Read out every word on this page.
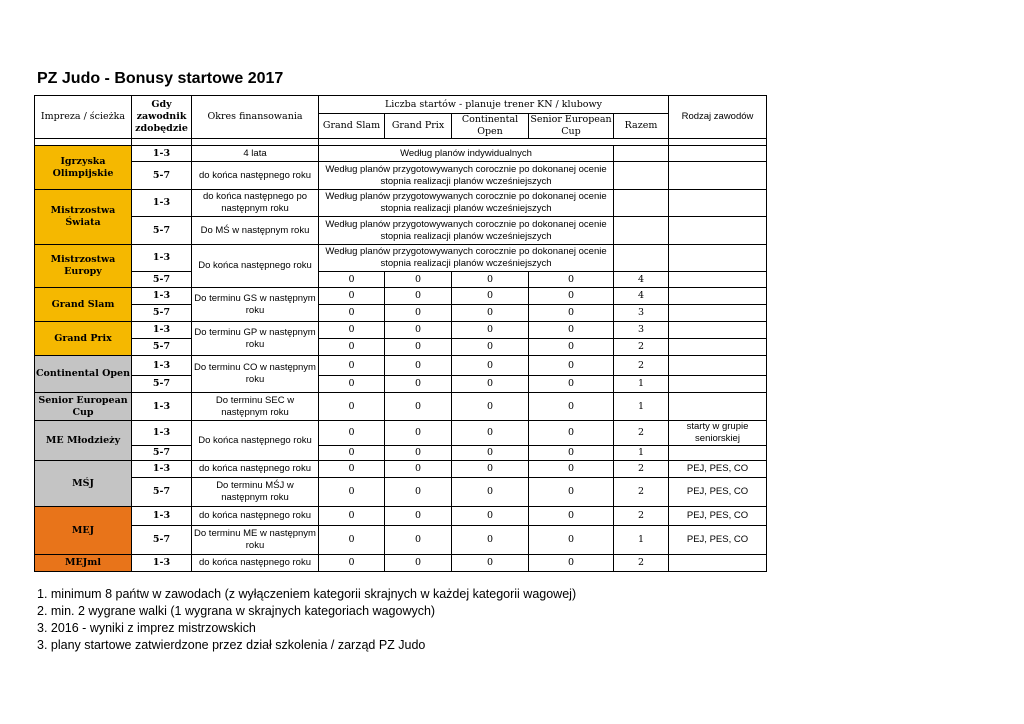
PZ Judo - Bonusy startowe 2017
Impreza / ścieżka	Gdy zawodnik zdobędzie	Okres finansowania	Liczba startów - planuje trener KN / klubowy					Rodzaj zawodów
			Grand Slam	Grand Prix	Continental Open	Senior European Cup	Razem	

Igrzyska Olimpijskie	1-3	4 lata	Według planów indywidualnych					
	5-7	do końca następnego roku	Według planów przygotowywanych corocznie po dokonanej ocenie stopnia realizacji planów wcześniejszych					
Mistrzostwa Świata	1-3	do końca następnego po następnym roku	Według planów przygotowywanych corocznie po dokonanej ocenie stopnia realizacji planów wcześniejszych					
	5-7	Do MŚ w następnym roku	Według planów przygotowywanych corocznie po dokonanej ocenie stopnia realizacji planów wcześniejszych					
Mistrzostwa Europy	1-3	Do końca następnego roku	Według planów przygotowywanych corocznie po dokonanej ocenie stopnia realizacji planów wcześniejszych					
	5-7		0	0	0	0	4	
Grand Slam	1-3	Do terminu GS w następnym roku	0	0	0	0	4	
	5-7		0	0	0	0	3	
Grand Prix	1-3	Do terminu GP w następnym roku	0	0	0	0	3	
	5-7		0	0	0	0	2	
Continental Open	1-3	Do terminu CO w następnym roku	0	0	0	0	2	
	5-7		0	0	0	0	1	
Senior European Cup	1-3	Do terminu SEC w następnym roku	0	0	0	0	1	
ME Młodzieży	1-3	Do końca następnego roku	0	0	0	0	2	starty w grupie seniorskiej
	5-7		0	0	0	0	1	
MŚJ	1-3	do końca następnego roku	0	0	0	0	2	PEJ, PES, CO
	5-7	Do terminu MŚJ w następnym roku	0	0	0	0	2	PEJ, PES, CO
MEJ	1-3	do końca następnego roku	0	0	0	0	2	PEJ, PES, CO
	5-7	Do terminu ME w następnym roku	0	0	0	0	1	PEJ, PES, CO
MEJml	1-3	do końca następnego roku	0	0	0	0	2	
1. minimum 8 pańtw w zawodach (z wyłączeniem kategorii skrajnych w każdej kategorii wagowej)
2. min. 2 wygrane walki (1 wygrana w skrajnych kategoriach wagowych)
3. 2016 - wyniki z imprez mistrzowskich
3. plany startowe zatwierdzone przez dział szkolenia / zarząd PZ Judo
